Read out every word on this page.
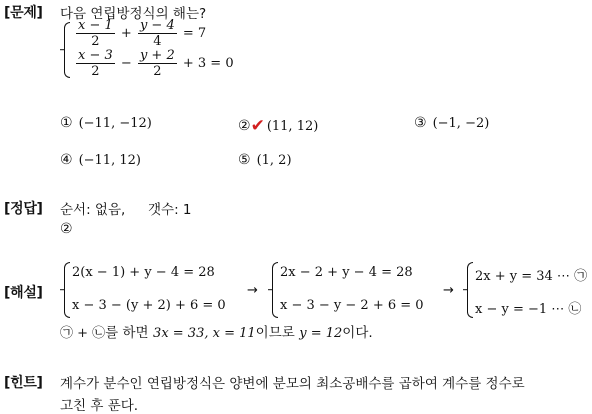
[문제] 다음 연립방정식의 해는?
$\frac{x - 1}{2} + \frac{y - 4}{4} = 7$
$\frac{x - 3}{2} - \frac{y + 2}{2} + 3 = 0$
① (−11, −12)	②✔ (11, 12)	③ (−1, −2)
④ (−11, 12)	⑤ (1, 2)
[정답] 순서: 없음, 갯수: 1
②
[해설]
2(x − 1) + y − 4 = 28
x − 3 − (y + 2) + 6 = 0
→
2x − 2 + y − 4 = 28
x − 3 − y − 2 + 6 = 0
→
2x + y = 34 ⋯ ㉠
x − y = −1 ⋯ ㉡
㉠ + ㉡를 하면 3x = 33, x = 11이므로 y = 12이다.
[힌트] 계수가 분수인 연립방정식은 양변에 분모의 최소공배수를 곱하여 계수를 정수로
고친 후 푼다.
